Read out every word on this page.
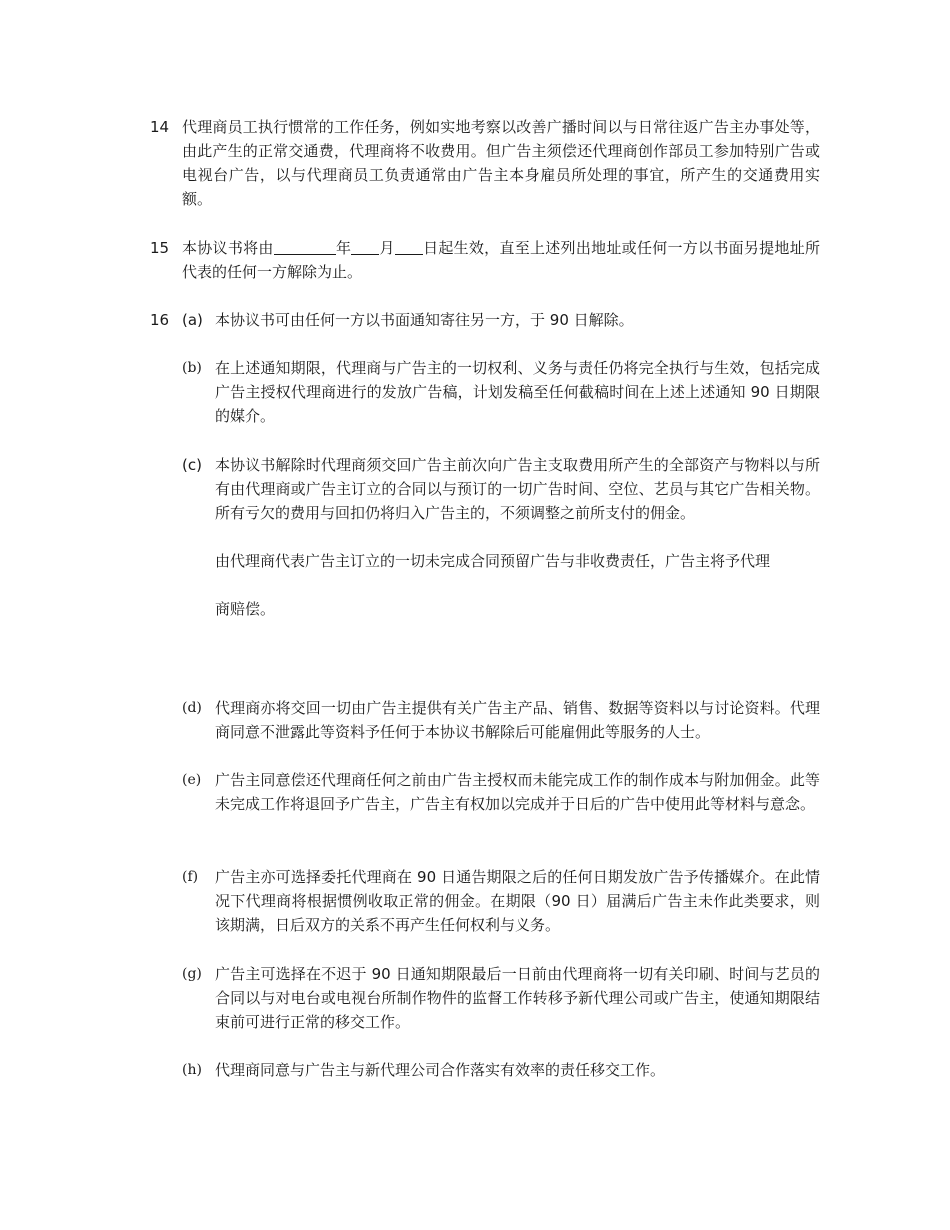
14 代理商员工执行惯常的工作任务，例如实地考察以改善广播时间以与日常往返广告主办事处等，由此产生的正常交通费，代理商将不收费用。但广告主须偿还代理商创作部员工参加特别广告或电视台广告，以与代理商员工负责通常由广告主本身雇员所处理的事宜，所产生的交通费用实额。
15 本协议书将由	年 月 日起生效，直至上述列出地址或任何一方以书面另提地址所代表的任何一方解除为止。
16 (a) 本协议书可由任何一方以书面通知寄往另一方，于 90 日解除。
(b) 在上述通知期限，代理商与广告主的一切权利、义务与责任仍将完全执行与生效，包括完成广告主授权代理商进行的发放广告稿，计划发稿至任何截稿时间在上述上述通知 90 日期限的媒介。
(c) 本协议书解除时代理商须交回广告主前次向广告主支取费用所产生的全部资产与物料以与所有由代理商或广告主订立的合同以与预订的一切广告时间、空位、艺员与其它广告相关物。所有亏欠的费用与回扣仍将归入广告主的，不须调整之前所支付的佣金。
由代理商代表广告主订立的一切未完成合同预留广告与非收费责任，广告主将予代理
商赔偿。
(d) 代理商亦将交回一切由广告主提供有关广告主产品、销售、数据等资料以与讨论资料。代理商同意不泄露此等资料予任何于本协议书解除后可能雇佣此等服务的人士。
(e) 广告主同意偿还代理商任何之前由广告主授权而未能完成工作的制作成本与附加佣金。此等未完成工作将退回予广告主，广告主有权加以完成并于日后的广告中使用此等材料与意念。
(f)	广告主亦可选择委托代理商在 90 日通告期限之后的任何日期发放广告予传播媒介。在此情况下代理商将根据惯例收取正常的佣金。在期限（90 日）届满后广告主未作此类要求，则该期满，日后双方的关系不再产生任何权利与义务。
(g) 广告主可选择在不迟于 90 日通知期限最后一日前由代理商将一切有关印刷、时间与艺员的合同以与对电台或电视台所制作物件的监督工作转移予新代理公司或广告主，使通知期限结束前可进行正常的移交工作。
(h) 代理商同意与广告主与新代理公司合作落实有效率的责任移交工作。
